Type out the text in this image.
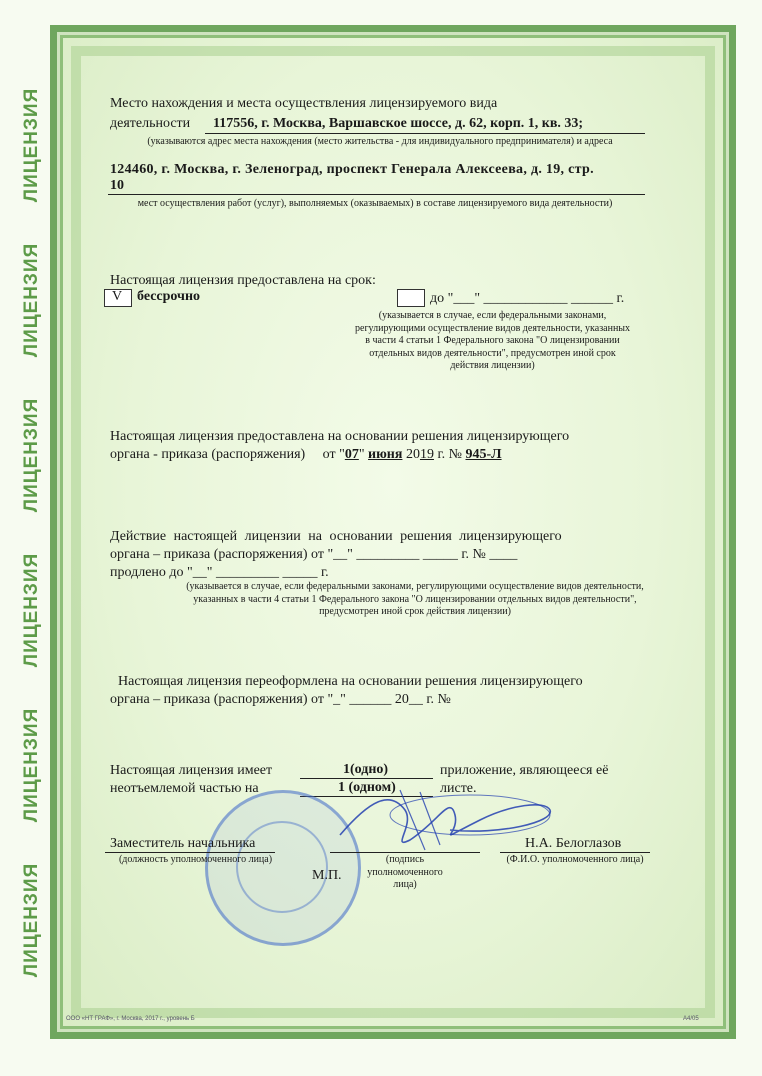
ЛИЦЕНЗИЯ
ЛИЦЕНЗИЯ
ЛИЦЕНЗИЯ
ЛИЦЕНЗИЯ
ЛИЦЕНЗИЯ
ЛИЦЕНЗИЯ
Место нахождения и места осуществления лицензируемого вида
деятельности 117556, г. Москва, Варшавское шоссе, д. 62, корп. 1, кв. 33;
(указываются адрес места нахождения (место жительства - для индивидуального предпринимателя) и адреса
124460, г. Москва, г. Зеленоград, проспект Генерала Алексеева, д. 19, стр.
10
мест осуществления работ (услуг), выполняемых (оказываемых) в составе лицензируемого вида деятельности)
Настоящая лицензия предоставлена на срок:
V бессрочно	до "___" ____________ ______ г.
(указывается в случае, если федеральными законами, регулирующими осуществление видов деятельности, указанных в части 4 статьи 1 Федерального закона "О лицензировании отдельных видов деятельности", предусмотрен иной срок действия лицензии)
Настоящая лицензия предоставлена на основании решения лицензирующего
органа - приказа (распоряжения) от "07" июня 2019 г. № 945-Л
Действие настоящей лицензии на основании решения лицензирующего
органа – приказа (распоряжения) от "__" _________ _____ г. № ____
продлено до "__" _________ _____ г.
(указывается в случае, если федеральными законами, регулирующими осуществление видов деятельности, указанных в части 4 статьи 1 Федерального закона "О лицензировании отдельных видов деятельности", предусмотрен иной срок действия лицензии)
Настоящая лицензия переоформлена на основании решения лицензирующего
органа – приказа (распоряжения) от "_" ______ 20__ г. №
Настоящая лицензия имеет	1(одно)	приложение, являющееся её
неотъемлемой частью на	1 (одном)	листе.
Заместитель начальника
(должность уполномоченного лица)	(подпись уполномоченного лица)
Н.А. Белоглазов
(Ф.И.О. уполномоченного лица)
М.П.
ООО «НТ ГРАФ», г. Москва, 2017 г., уровень Б	А4/05
